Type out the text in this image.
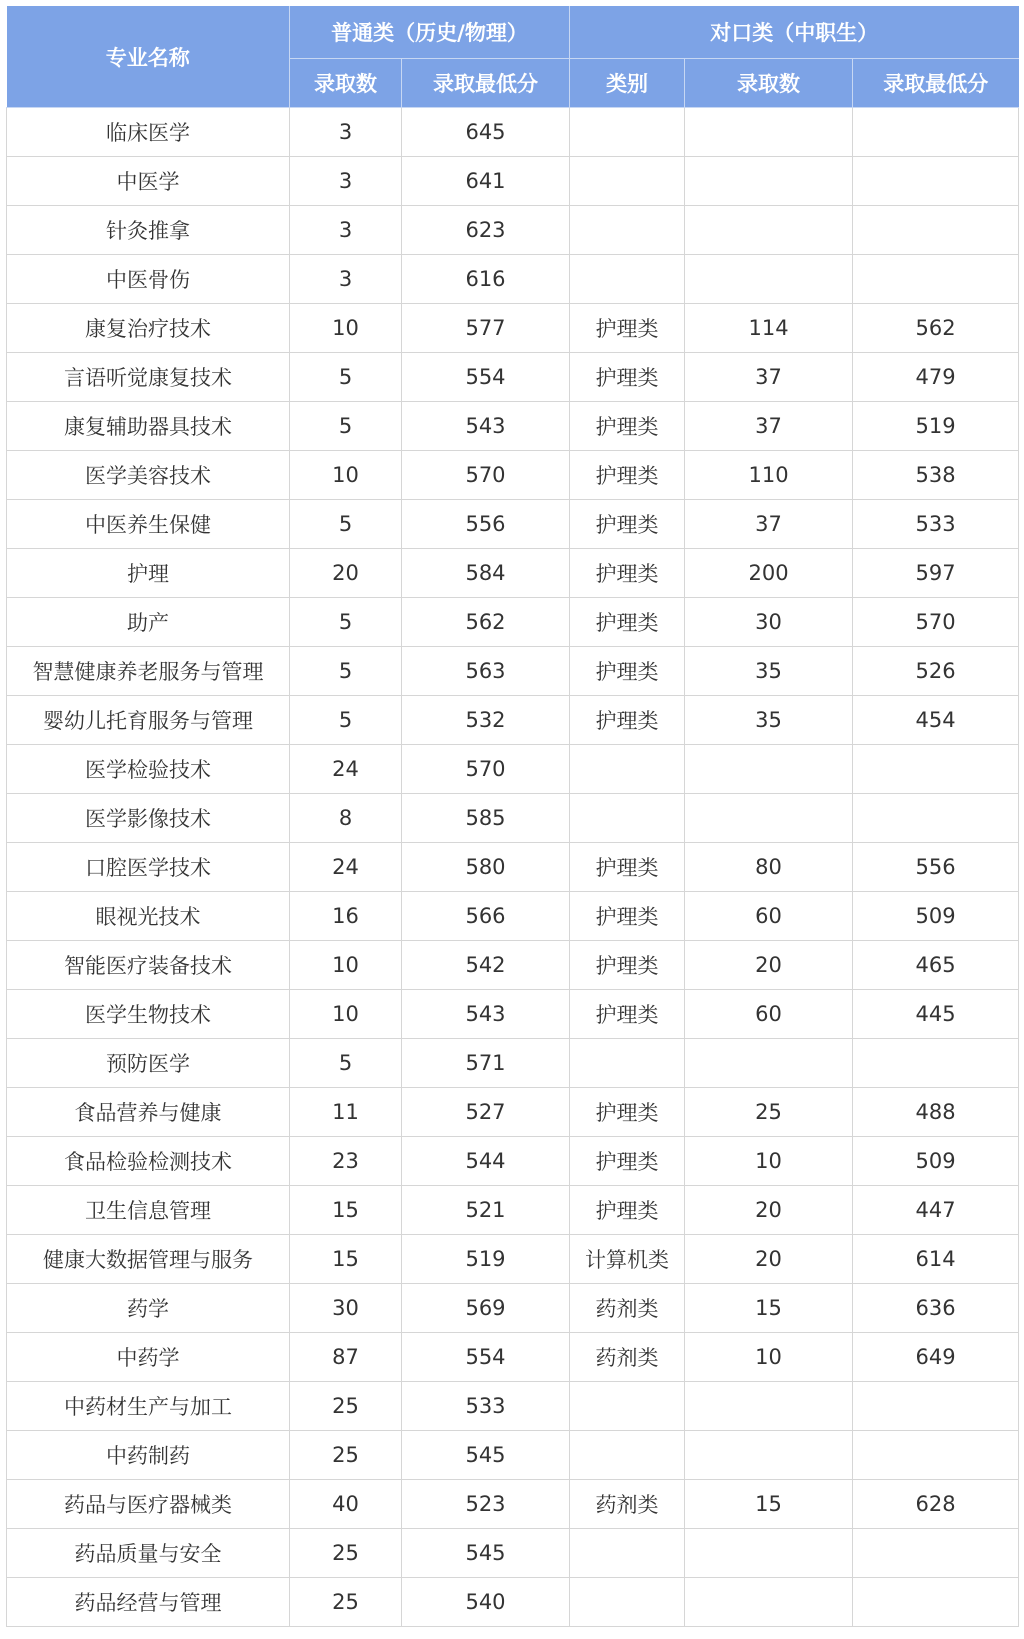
专业名称	普通类（历史/物理）		对口类（中职生）		
	录取数	录取最低分	类别	录取数	录取最低分
临床医学	3	645			
中医学	3	641			
针灸推拿	3	623			
中医骨伤	3	616			
康复治疗技术	10	577	护理类	114	562
言语听觉康复技术	5	554	护理类	37	479
康复辅助器具技术	5	543	护理类	37	519
医学美容技术	10	570	护理类	110	538
中医养生保健	5	556	护理类	37	533
护理	20	584	护理类	200	597
助产	5	562	护理类	30	570
智慧健康养老服务与管理	5	563	护理类	35	526
婴幼儿托育服务与管理	5	532	护理类	35	454
医学检验技术	24	570			
医学影像技术	8	585			
口腔医学技术	24	580	护理类	80	556
眼视光技术	16	566	护理类	60	509
智能医疗装备技术	10	542	护理类	20	465
医学生物技术	10	543	护理类	60	445
预防医学	5	571			
食品营养与健康	11	527	护理类	25	488
食品检验检测技术	23	544	护理类	10	509
卫生信息管理	15	521	护理类	20	447
健康大数据管理与服务	15	519	计算机类	20	614
药学	30	569	药剂类	15	636
中药学	87	554	药剂类	10	649
中药材生产与加工	25	533			
中药制药	25	545			
药品与医疗器械类	40	523	药剂类	15	628
药品质量与安全	25	545			
药品经营与管理	25	540			
